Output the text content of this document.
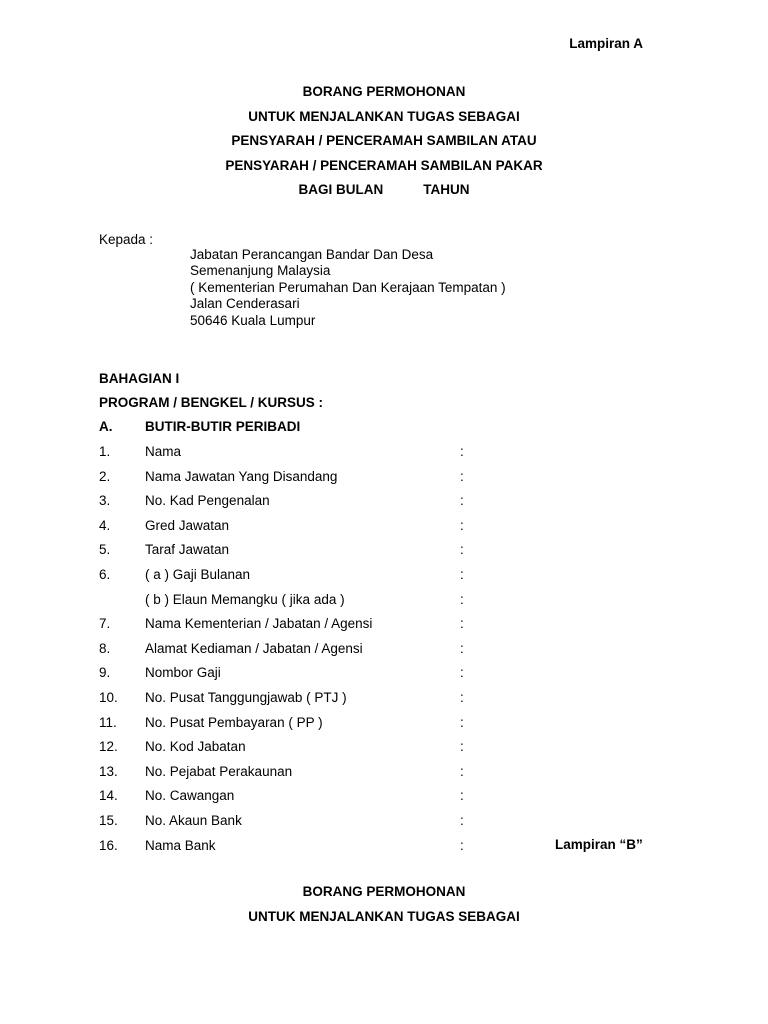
Lampiran A
BORANG PERMOHONAN
UNTUK MENJALANKAN TUGAS SEBAGAI
PENSYARAH / PENCERAMAH SAMBILAN ATAU
PENSYARAH / PENCERAMAH SAMBILAN PAKAR
BAGI BULAN	TAHUN
Kepada :
Jabatan Perancangan Bandar Dan Desa
Semenanjung Malaysia
( Kementerian Perumahan Dan Kerajaan Tempatan )
Jalan Cenderasari
50646 Kuala Lumpur
BAHAGIAN I
PROGRAM / BENGKEL / KURSUS :
A. BUTIR-BUTIR PERIBADI
1.	Nama	:
2.	Nama Jawatan Yang Disandang	:
3.	No. Kad Pengenalan	:
4.	Gred Jawatan	:
5.	Taraf Jawatan	:
6.	( a ) Gaji Bulanan	:
( b ) Elaun Memangku ( jika ada )	:
7.	Nama Kementerian / Jabatan / Agensi	:
8.	Alamat Kediaman / Jabatan / Agensi	:
9.	Nombor Gaji	:
10. No. Pusat Tanggungjawab ( PTJ )	:
11. No. Pusat Pembayaran ( PP )	:
12. No. Kod Jabatan	:
13. No. Pejabat Perakaunan	:
14. No. Cawangan	:
15. No. Akaun Bank	:
16. Nama Bank	:	Lampiran “B”
BORANG PERMOHONAN
UNTUK MENJALANKAN TUGAS SEBAGAI
